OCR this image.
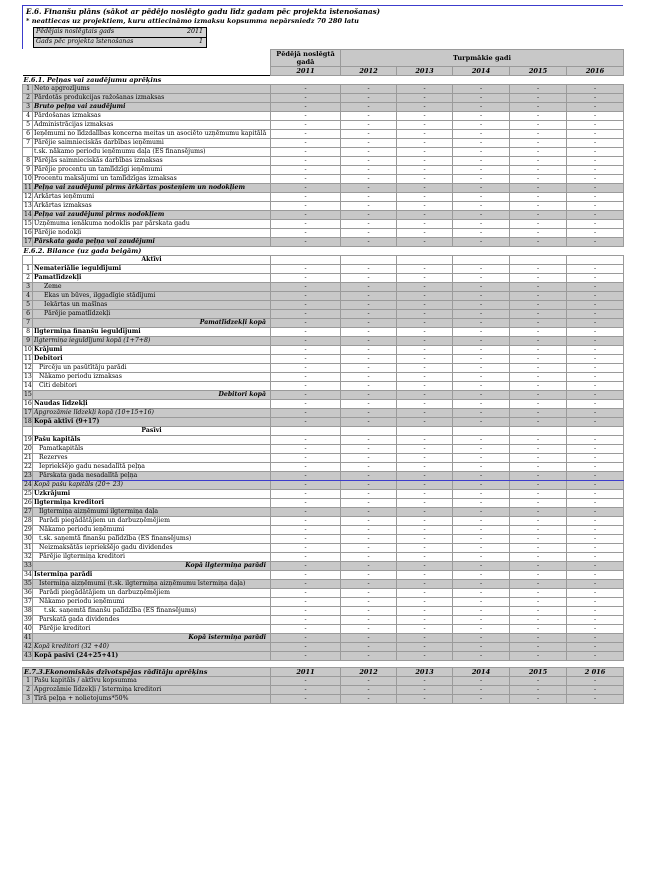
E.6. Finanšu plāns (sākot ar pēdējo noslēgto gadu līdz gadam pēc projekta īstenošanas)
* neattiecas uz projektiem, kuru attiecināmo izmaksu kopsumma nepārsniedz 70 280 latu
Pēdējais noslēgtais gads	2011
Gads pēc projekta īstenošanas	1
		Pēdējā noslēgtā gadā	Turpmākie gadi				
		2011	2012	2013	2014	2015	2016
E.6.1. Peļņas vai zaudējumu aprēķins							
1	Neto apgrozījums	-	-	-	-	-	-
2	Pārdotās produkcijas ražošanas izmaksas	-	-	-	-	-	-
3	Bruto peļņa vai zaudējumi	-	-	-	-	-	-
4	Pārdošanas izmaksas	-	-	-	-	-	-
5	Administrācijas izmaksas	-	-	-	-	-	-
6	Ieņēmumi no līdzdalības koncerna meitas un asociēto uzņēmumu kapitālā	-	-	-	-	-	-
7	Pārējie saimnieciskās darbības ieņēmumi	-	-	-	-	-	-
	t.sk. nākamo periodu ieņēmumu daļa (ES finansējums)	-	-	-	-	-	-
8	Pārējās saimnieciskās darbības izmaksas	-	-	-	-	-	-
9	Pārējie procentu un tamlīdzīgi ieņēmumi	-	-	-	-	-	-
10	Procentu maksājumi un tamlīdzīgas izmaksas	-	-	-	-	-	-
11	Peļņa vai zaudējumi pirms ārkārtas posteņiem un nodokļiem	-	-	-	-	-	-
12	Ārkārtas ieņēmumi	-	-	-	-	-	-
13	Ārkārtas izmaksas	-	-	-	-	-	-
14	Peļņa vai zaudējumi pirms nodokļiem	-	-	-	-	-	-
15	Uzņēmuma ienākuma nodoklis par pārskata gadu	-	-	-	-	-	-
16	Pārējie nodokļi	-	-	-	-	-	-
17	Pārskata gada peļņa vai zaudējumi	-	-	-	-	-	-
E.6.2. Bilance (uz gada beigām)							
	Aktīvi						
1	Nemateriālie ieguldījumi	-	-	-	-	-	-
2	Pamatlīdzekļi	-	-	-	-	-	-
3	Zeme	-	-	-	-	-	-
4	Ēkas un būves, ilggadīgie stādījumi	-	-	-	-	-	-
5	Iekārtas un mašīnas	-	-	-	-	-	-
6	Pārējie pamatlīdzekļi	-	-	-	-	-	-
7	Pamatlīdzekļi kopā	-	-	-	-	-	-
8	Ilgtermiņa finanšu ieguldījumi	-	-	-	-	-	-
9	Ilgtermiņa ieguldījumi kopā (1+7+8)	-	-	-	-	-	-
10	Krājumi	-	-	-	-	-	-
11	Debitori	-	-	-	-	-	-
12	Pircēju un pasūtītāju parādi	-	-	-	-	-	-
13	Nākamo periodu izmaksas	-	-	-	-	-	-
14	Citi debitori	-	-	-	-	-	-
15	Debitori kopā	-	-	-	-	-	-
16	Naudas līdzekļi	-	-	-	-	-	-
17	Apgrozāmie līdzekļi kopā (10+15+16)	-	-	-	-	-	-
18	Kopā aktīvi (9+17)	-	-	-	-	-	-
	Pasīvi						
19	Pašu kapitāls	-	-	-	-	-	-
20	Pamatkapitāls	-	-	-	-	-	-
21	Rezerves	-	-	-	-	-	-
22	Iepriekšējo gadu nesadalītā peļņa	-	-	-	-	-	-
23	Pārskata gada nesadalītā peļņa	-	-	-	-	-	-
24	Kopā pašu kapitāls (20÷ 23)	-	-	-	-	-	-
25	Uzkrājumi	-	-	-	-	-	-
26	Ilgtermiņa kreditori	-	-	-	-	-	-
27	Ilgtermiņa aizņēmumi ilgtermiņa daļa	-	-	-	-	-	-
28	Parādi piegādātājiem un darbuzņēmējiem	-	-	-	-	-	-
29	Nākamo periodu ieņēmumi	-	-	-	-	-	-
30	t.sk. saņemtā finanšu palīdzība (ES finansējums)	-	-	-	-	-	-
31	Neizmaksātās iepriekšējo gadu dividendes	-	-	-	-	-	-
32	Pārējie ilgtermiņa kreditori	-	-	-	-	-	-
33	Kopā ilgtermiņa parādi	-	-	-	-	-	-
34	Īstermiņa parādi	-	-	-	-	-	-
35	Īstermiņa aizņēmumi (t.sk. ilgtermiņa aizņēmumu īstermiņa daļa)	-	-	-	-	-	-
36	Parādi piegādātājiem un darbuzņēmējiem	-	-	-	-	-	-
37	Nākamo periodu ieņēmumi	-	-	-	-	-	-
38	t.sk. saņemtā finanšu palīdzība (ES finansējums)	-	-	-	-	-	-
39	Parskatā gada dividendes	-	-	-	-	-	-
40	Pārējie kreditori	-	-	-	-	-	-
41	Kopā īstermiņa parādi	-	-	-	-	-	-
42	Kopā kreditori (32 +40)	-	-	-	-	-	-
43	Kopā pasīvi (24+25+41)	-	-	-	-	-	-

E.7.3.Ekonomiskās dzīvotspējas rādītāju aprēķins		2011	2012	2013	2014	2015	2 016
1	Pašu kapitāls / aktīvu kopsumma	-	-	-	-	-	-
2	Apgrozāmie līdzekļi / īstermiņa kreditori	-	-	-	-	-	-
3	Tīrā peļņa + nolietojums*50%	-	-	-	-	-	-
